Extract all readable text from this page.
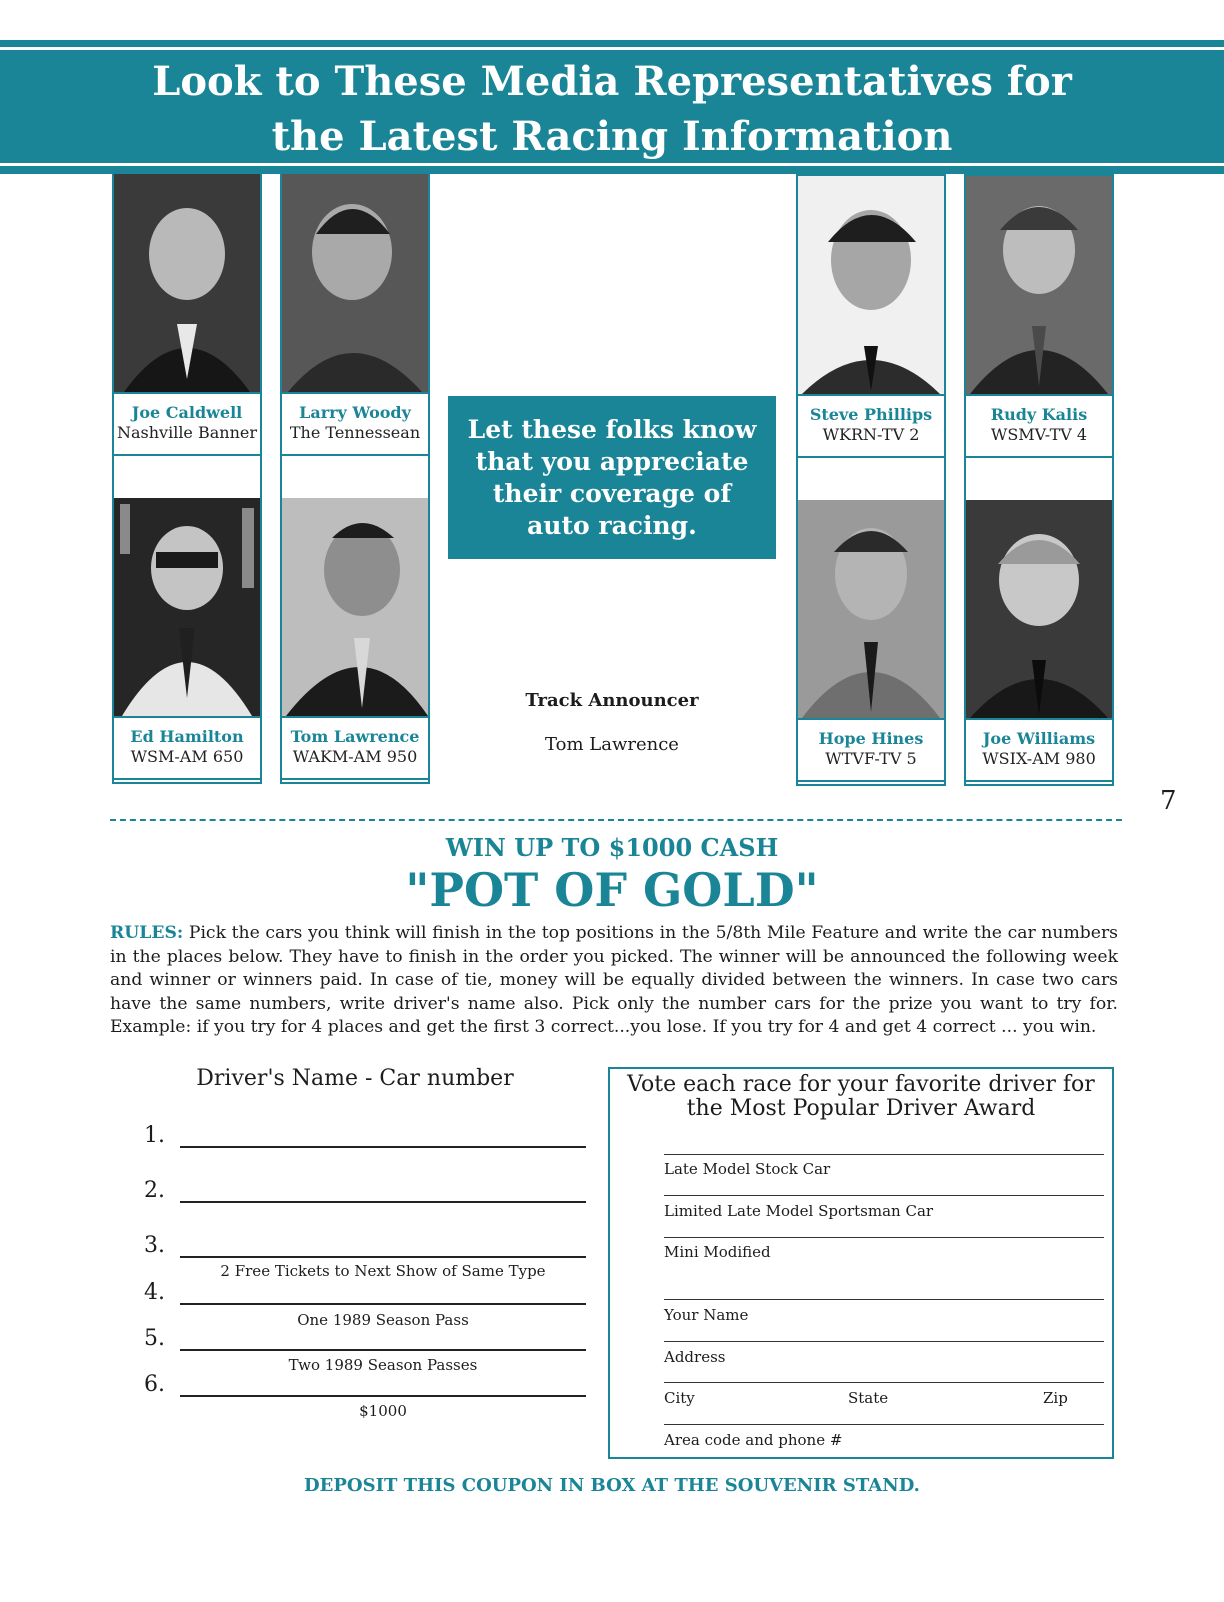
Look to These Media Representatives for
the Latest Racing Information
Joe Caldwell
Nashville Banner
Ed Hamilton
WSM-AM 650
Larry Woody
The Tennessean
Tom Lawrence
WAKM-AM 950
Let these folks know that you appreciate their coverage of auto racing.
Track Announcer
Tom Lawrence
Steve Phillips
WKRN-TV 2
Hope Hines
WTVF-TV 5
Rudy Kalis
WSMV-TV 4
Joe Williams
WSIX-AM 980
7
WIN UP TO $1000 CASH
"POT OF GOLD"

RULES: Pick the cars you think will finish in the top positions in the 5/8th Mile Feature and write the car numbers in the places below. They have to finish in the order you picked. The winner will be announced the following week and winner or winners paid. In case of tie, money will be equally divided between the winners. In case two cars have the same numbers, write driver's name also. Pick only the number cars for the prize you want to try for. Example: if you try for 4 places and get the first 3 correct...you lose. If you try for 4 and get 4 correct ... you win.

Driver's Name - Car number
1.
2.
3.
2 Free Tickets to Next Show of Same Type
4.
One 1989 Season Pass
5.
Two 1989 Season Passes
6.
$1000
Vote each race for your favorite driver for the Most Popular Driver Award
Late Model Stock Car
Limited Late Model Sportsman Car
Mini Modified
Your Name
Address
City	State	Zip
Area code and phone #
DEPOSIT THIS COUPON IN BOX AT THE SOUVENIR STAND.
